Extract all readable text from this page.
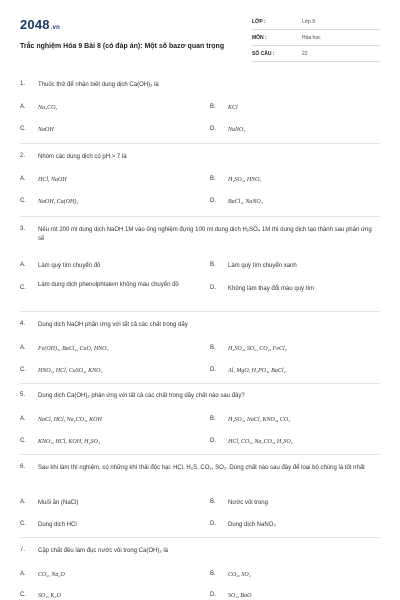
2048.vn
Trắc nghiệm Hóa 9 Bài 8 (có đáp án): Một số bazơ quan trọng
LỚP :	Lớp 9
MÔN :	Hóa học
SỐ CÂU :	22
1. Thuốc thử để nhận biết dung dịch Ca(OH)₂ là
A. Na₂CO₃	B. KCl
C. NaOH	D. NaNO₃
2. Nhóm các dung dịch có pH > 7 là
A. HCl, NaOH	B. H₂SO₄, HNO₃
C. NaOH, Ca(OH)₂	D. BaCl₂, NaNO₃
3. Nếu rót 200 ml dung dịch NaOH 1M vào ống nghiệm đựng 100 ml dung dịch H₂SO₄ 1M thì dung dịch tạo thành sau phản ứng sẽ
A. Làm quỳ tím chuyển đỏ	B. Làm quỳ tím chuyển xanh
C. Làm dung dịch phenolphtalein không màu chuyển đỏ	D. Không làm thay đổi màu quỳ tím
4. Dung dịch NaOH phản ứng với tất cả các chất trong dãy
A. Fe(OH)₃, BaCl₂, CuO, HNO₃	B. H₂SO₄, SO₂, CO₂, FeCl₂
C. HNO₃, HCl, CuSO₄, KNO₃	D. Al, MgO, H₃PO₄, BaCl₂
5. Dung dịch Ca(OH)₂ phản ứng với tất cả các chất trong dãy chất nào sau đây?
A. NaCl, HCl, Na₂CO₃, KOH	B. H₂SO₄, NaCl, KNO₃, CO₂
C. KNO₃, HCl, KOH, H₂SO₄	D. HCl, CO₂, Na₂CO₃, H₂SO₄
6. Sau khi làm thí nghiệm, có những khí thải độc hại: HCl, H₂S, CO₂, SO₂. Dùng chất nào sau đây để loại bỏ chúng là tốt nhất
A. Muối ăn (NaCl)	B. Nước vôi trong
C. Dung dịch HCl	D. Dung dịch NaNO₃
7. Cặp chất đều làm đục nước vôi trong Ca(OH)₂ là
A. CO₂, Na₂O	B. CO₂, SO₂
C. SO₂, K₂O	D. SO₂, BaO
